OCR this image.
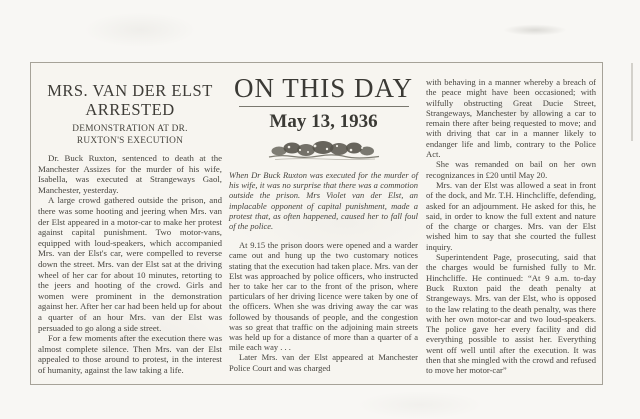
MRS. VAN DER ELST ARRESTED
DEMONSTRATION AT DR. RUXTON'S EXECUTION

Dr. Buck Ruxton, sentenced to death at the Manchester Assizes for the murder of his wife, Isabella, was executed at Strangeways Gaol, Manchester, yesterday.

A large crowd gathered outside the prison, and there was some hooting and jeering when Mrs. van der Elst appeared in a motor-car to make her protest against capital punishment. Two motor-vans, equipped with loud-speakers, which accompanied Mrs. van der Elst's car, were compelled to reverse down the street. Mrs. van der Elst sat at the driving wheel of her car for about 10 minutes, retorting to the jeers and hooting of the crowd. Girls and women were prominent in the demonstration against her. After her car had been held up for about a quarter of an hour Mrs. van der Elst was persuaded to go along a side street.

For a few moments after the execution there was almost complete silence. Then Mrs. van der Elst appealed to those around to protest, in the interest of humanity, against the law taking a life.

ON THIS DAY
May 13, 1936

When Dr Buck Ruxton was executed for the murder of his wife, it was no surprise that there was a commotion outside the prison. Mrs Violet van der Elst, an implacable opponent of capital punishment, made a protest that, as often happened, caused her to fall foul of the police.

At 9.15 the prison doors were opened and a warder came out and hung up the two customary notices stating that the execution had taken place. Mrs. van der Elst was approached by police officers, who instructed her to take her car to the front of the prison, where particulars of her driving licence were taken by one of the officers. When she was driving away the car was followed by thousands of people, and the congestion was so great that traffic on the adjoining main streets was held up for a distance of more than a quarter of a mile each way . . .

Later Mrs. van der Elst appeared at Manchester Police Court and was charged

with behaving in a manner whereby a breach of the peace might have been occasioned; with wilfully obstructing Great Ducie Street, Strangeways, Manchester by allowing a car to remain there after being requested to move; and with driving that car in a manner likely to endanger life and limb, contrary to the Police Act.

She was remanded on bail on her own recognizances in £20 until May 20.

Mrs. van der Elst was allowed a seat in front of the dock, and Mr. T.H. Hinchcliffe, defending, asked for an adjournment. He asked for this, he said, in order to know the full extent and nature of the charge or charges. Mrs. van der Elst wished him to say that she courted the fullest inquiry.

Superintendent Page, prosecuting, said that the charges would be furnished fully to Mr. Hinchcliffe. He continued: “At 9 a.m. to-day Buck Ruxton paid the death penalty at Strangeways. Mrs. van der Elst, who is opposed to the law relating to the death penalty, was there with her own motor-car and two loud-speakers. The police gave her every facility and did everything possible to assist her. Everything went off well until after the execution. It was then that she mingled with the crowd and refused to move her motor-car”
